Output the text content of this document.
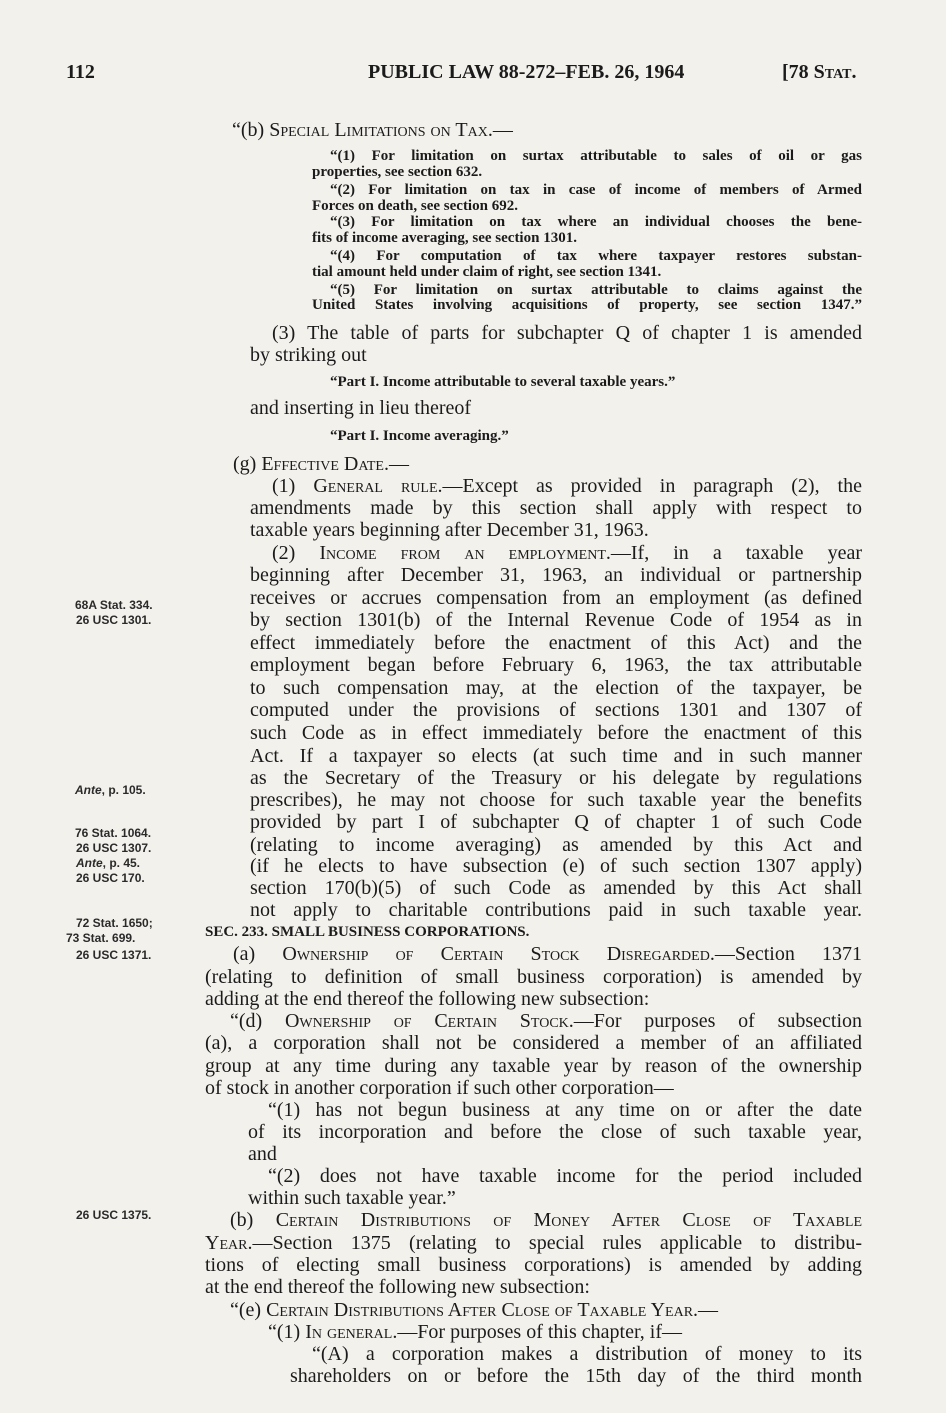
112	PUBLIC LAW 88-272–FEB. 26, 1964	[78 Stat.
68A Stat. 334.
26 USC 1301.
Ante, p. 105.
76 Stat. 1064.
26 USC 1307.
Ante, p. 45.
26 USC 170.
72 Stat. 1650;
73 Stat. 699.
26 USC 1371.
26 USC 1375.
“(b) Special Limitations on Tax.—
“(1) For limitation on surtax attributable to sales of oil or gas
properties, see section 632.
“(2) For limitation on tax in case of income of members of Armed
Forces on death, see section 692.
“(3) For limitation on tax where an individual chooses the bene-
fits of income averaging, see section 1301.
“(4) For computation of tax where taxpayer restores substan-
tial amount held under claim of right, see section 1341.
“(5) For limitation on surtax attributable to claims against the
United States involving acquisitions of property, see section 1347.”
(3) The table of parts for subchapter Q of chapter 1 is amended
by striking out
“Part I. Income attributable to several taxable years.”
and inserting in lieu thereof
“Part I. Income averaging.”
(g) Effective Date.—
(1) General rule.—Except as provided in paragraph (2), the
amendments made by this section shall apply with respect to
taxable years beginning after December 31, 1963.
(2) Income from an employment.—If, in a taxable year
beginning after December 31, 1963, an individual or partnership
receives or accrues compensation from an employment (as defined
by section 1301(b) of the Internal Revenue Code of 1954 as in
effect immediately before the enactment of this Act) and the
employment began before February 6, 1963, the tax attributable
to such compensation may, at the election of the taxpayer, be
computed under the provisions of sections 1301 and 1307 of
such Code as in effect immediately before the enactment of this
Act. If a taxpayer so elects (at such time and in such manner
as the Secretary of the Treasury or his delegate by regulations
prescribes), he may not choose for such taxable year the benefits
provided by part I of subchapter Q of chapter 1 of such Code
(relating to income averaging) as amended by this Act and
(if he elects to have subsection (e) of such section 1307 apply)
section 170(b)(5) of such Code as amended by this Act shall
not apply to charitable contributions paid in such taxable year.
SEC. 233. SMALL BUSINESS CORPORATIONS.
(a) Ownership of Certain Stock Disregarded.—Section 1371
(relating to definition of small business corporation) is amended by
adding at the end thereof the following new subsection:
“(d) Ownership of Certain Stock.—For purposes of subsection
(a), a corporation shall not be considered a member of an affiliated
group at any time during any taxable year by reason of the ownership
of stock in another corporation if such other corporation—
“(1) has not begun business at any time on or after the date
of its incorporation and before the close of such taxable year,
and
“(2) does not have taxable income for the period included
within such taxable year.”
(b) Certain Distributions of Money After Close of Taxable
Year.—Section 1375 (relating to special rules applicable to distribu-
tions of electing small business corporations) is amended by adding
at the end thereof the following new subsection:
“(e) Certain Distributions After Close of Taxable Year.—
“(1) In general.—For purposes of this chapter, if—
“(A) a corporation makes a distribution of money to its
shareholders on or before the 15th day of the third month
